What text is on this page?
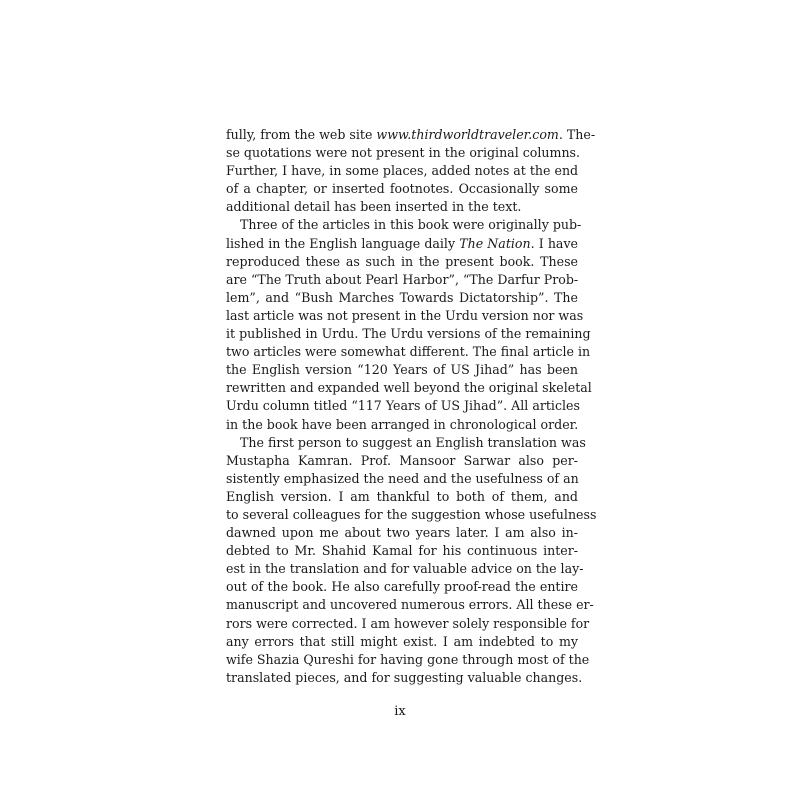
fully, from the web site www.thirdworldtraveler.com. The-
se quotations were not present in the original columns.
Further, I have, in some places, added notes at the end
of a chapter, or inserted footnotes. Occasionally some
additional detail has been inserted in the text.
Three of the articles in this book were originally pub-
lished in the English language daily The Nation. I have
reproduced these as such in the present book. These
are “The Truth about Pearl Harbor”, “The Darfur Prob-
lem”, and “Bush Marches Towards Dictatorship”. The
last article was not present in the Urdu version nor was
it published in Urdu. The Urdu versions of the remaining
two articles were somewhat different. The final article in
the English version “120 Years of US Jihad” has been
rewritten and expanded well beyond the original skeletal
Urdu column titled “117 Years of US Jihad”. All articles
in the book have been arranged in chronological order.
The first person to suggest an English translation was
Mustapha Kamran. Prof. Mansoor Sarwar also per-
sistently emphasized the need and the usefulness of an
English version. I am thankful to both of them, and
to several colleagues for the suggestion whose usefulness
dawned upon me about two years later. I am also in-
debted to Mr. Shahid Kamal for his continuous inter-
est in the translation and for valuable advice on the lay-
out of the book. He also carefully proof-read the entire
manuscript and uncovered numerous errors. All these er-
rors were corrected. I am however solely responsible for
any errors that still might exist. I am indebted to my
wife Shazia Qureshi for having gone through most of the
translated pieces, and for suggesting valuable changes.
ix
